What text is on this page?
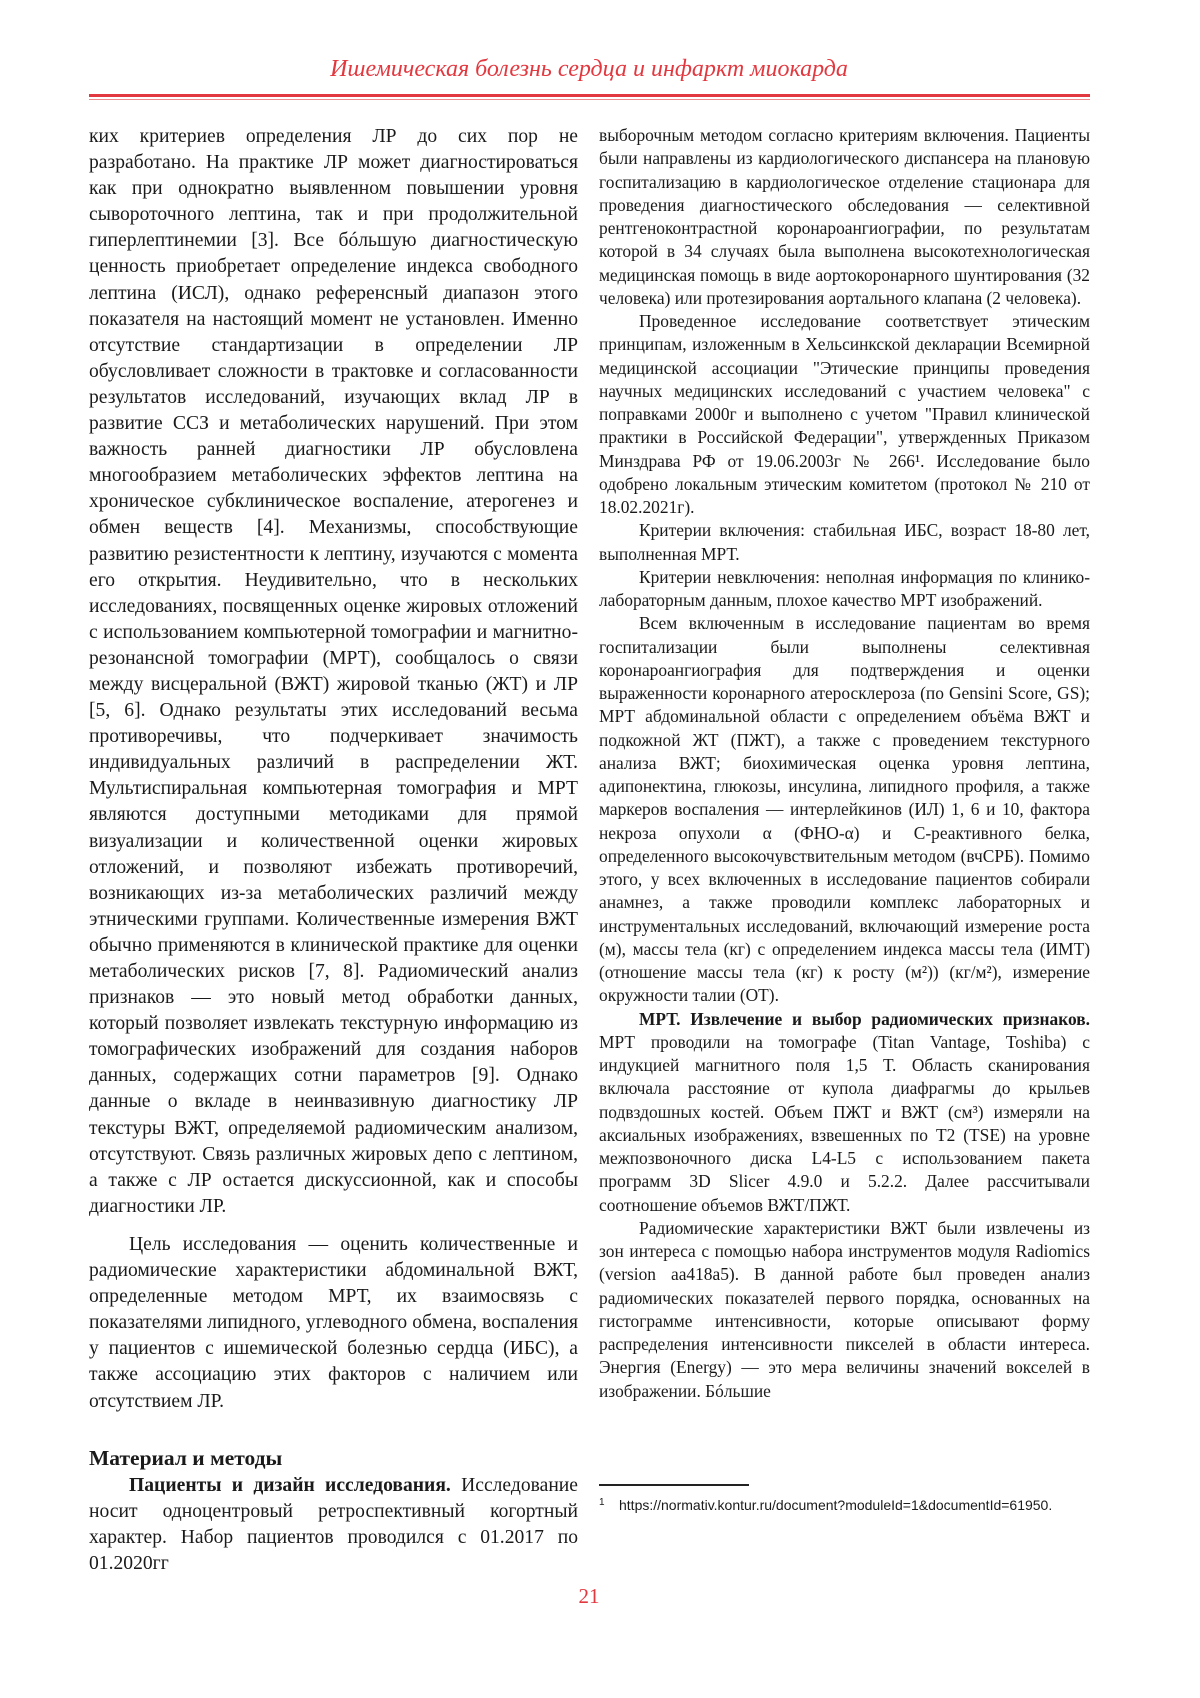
Ишемическая болезнь сердца и инфаркт миокарда

ких критериев определения ЛР до сих пор не разработано. На практике ЛР может диагностироваться как при однократно выявленном повышении уровня сывороточного лептина, так и при продолжительной гиперлептинемии [3]. Все бóльшую диагностическую ценность приобретает определение индекса свободного лептина (ИСЛ), однако референсный диапазон этого показателя на настоящий момент не установлен. Именно отсутствие стандартизации в определении ЛР обусловливает сложности в трактовке и согласованности результатов исследований, изучающих вклад ЛР в развитие ССЗ и метаболических нарушений. При этом важность ранней диагностики ЛР обусловлена многообразием метаболических эффектов лептина на хроническое субклиническое воспаление, атерогенез и обмен веществ [4]. Механизмы, способствующие развитию резистентности к лептину, изучаются с момента его открытия. Неудивительно, что в нескольких исследованиях, посвященных оценке жировых отложений с использованием компьютерной томографии и магнитно-резонансной томографии (МРТ), сообщалось о связи между висцеральной (ВЖТ) жировой тканью (ЖТ) и ЛР [5, 6]. Однако результаты этих исследований весьма противоречивы, что подчеркивает значимость индивидуальных различий в распределении ЖТ. Мультиспиральная компьютерная томография и МРТ являются доступными методиками для прямой визуализации и количественной оценки жировых отложений, и позволяют избежать противоречий, возникающих из-за метаболических различий между этническими группами. Количественные измерения ВЖТ обычно применяются в клинической практике для оценки метаболических рисков [7, 8]. Радиомический анализ признаков — это новый метод обработки данных, который позволяет извлекать текстурную информацию из томографических изображений для создания наборов данных, содержащих сотни параметров [9]. Однако данные о вкладе в неинвазивную диагностику ЛР текстуры ВЖТ, определяемой радиомическим анализом, отсутствуют. Связь различных жировых депо с лептином, а также с ЛР остается дискуссионной, как и способы диагностики ЛР.

Цель исследования — оценить количественные и радиомические характеристики абдоминальной ВЖТ, определенные методом МРТ, их взаимосвязь с показателями липидного, углеводного обмена, воспаления у пациентов с ишемической болезнью сердца (ИБС), а также ассоциацию этих факторов с наличием или отсутствием ЛР.

Материал и методы

Пациенты и дизайн исследования. Исследование носит одноцентровый ретроспективный когортный характер. Набор пациентов проводился с 01.2017 по 01.2020гг

выборочным методом согласно критериям включения. Пациенты были направлены из кардиологического диспансера на плановую госпитализацию в кардиологическое отделение стационара для проведения диагностического обследования — селективной рентгеноконтрастной коронароангиографии, по результатам которой в 34 случаях была выполнена высокотехнологическая медицинская помощь в виде аортокоронарного шунтирования (32 человека) или протезирования аортального клапана (2 человека).

Проведенное исследование соответствует этическим принципам, изложенным в Хельсинкской декларации Всемирной медицинской ассоциации "Этические принципы проведения научных медицинских исследований с участием человека" с поправками 2000г и выполнено с учетом "Правил клинической практики в Российской Федерации", утвержденных Приказом Минздрава РФ от 19.06.2003г № 266¹. Исследование было одобрено локальным этическим комитетом (протокол № 210 от 18.02.2021г).

Критерии включения: стабильная ИБС, возраст 18-80 лет, выполненная МРТ.

Критерии невключения: неполная информация по клинико-лабораторным данным, плохое качество МРТ изображений.

Всем включенным в исследование пациентам во время госпитализации были выполнены селективная коронароангиография для подтверждения и оценки выраженности коронарного атеросклероза (по Gensini Score, GS); МРТ абдоминальной области с определением объёма ВЖТ и подкожной ЖТ (ПЖТ), а также с проведением текстурного анализа ВЖТ; биохимическая оценка уровня лептина, адипонектина, глюкозы, инсулина, липидного профиля, а также маркеров воспаления — интерлейкинов (ИЛ) 1, 6 и 10, фактора некроза опухоли α (ФНО-α) и С-реактивного белка, определенного высокочувствительным методом (вчСРБ). Помимо этого, у всех включенных в исследование пациентов собирали анамнез, а также проводили комплекс лабораторных и инструментальных исследований, включающий измерение роста (м), массы тела (кг) с определением индекса массы тела (ИМТ) (отношение массы тела (кг) к росту (м²)) (кг/м²), измерение окружности талии (ОТ).

МРТ. Извлечение и выбор радиомических признаков. МРТ проводили на томографе (Titan Vantage, Toshiba) с индукцией магнитного поля 1,5 Т. Область сканирования включала расстояние от купола диафрагмы до крыльев подвздошных костей. Объем ПЖТ и ВЖТ (см³) измеряли на аксиальных изображениях, взвешенных по Т2 (TSE) на уровне межпозвоночного диска L4-L5 с использованием пакета программ 3D Slicer 4.9.0 и 5.2.2. Далее рассчитывали соотношение объемов ВЖТ/ПЖТ.

Радиомические характеристики ВЖТ были извлечены из зон интереса с помощью набора инструментов модуля Radiomics (version aa418a5). В данной работе был проведен анализ радиомических показателей первого порядка, основанных на гистограмме интенсивности, которые описывают форму распределения интенсивности пикселей в области интереса. Энергия (Energy) — это мера величины значений вокселей в изображении. Бóльшие

1	https://normativ.kontur.ru/document?moduleId=1&documentId=61950.
21
